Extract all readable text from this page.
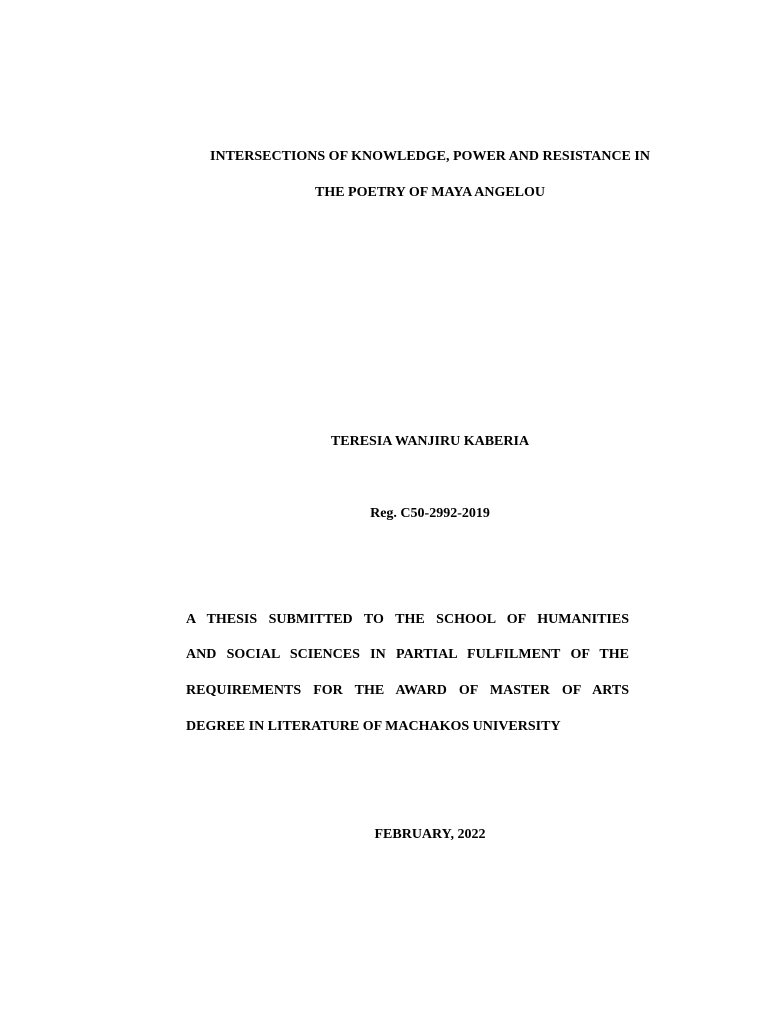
INTERSECTIONS OF KNOWLEDGE, POWER AND RESISTANCE IN

THE POETRY OF MAYA ANGELOU

TERESIA WANJIRU KABERIA

Reg. C50-2992-2019

A THESIS SUBMITTED TO THE SCHOOL OF HUMANITIES

AND SOCIAL SCIENCES IN PARTIAL FULFILMENT OF THE

REQUIREMENTS FOR THE AWARD OF MASTER OF ARTS

DEGREE IN LITERATURE OF MACHAKOS UNIVERSITY

FEBRUARY, 2022
